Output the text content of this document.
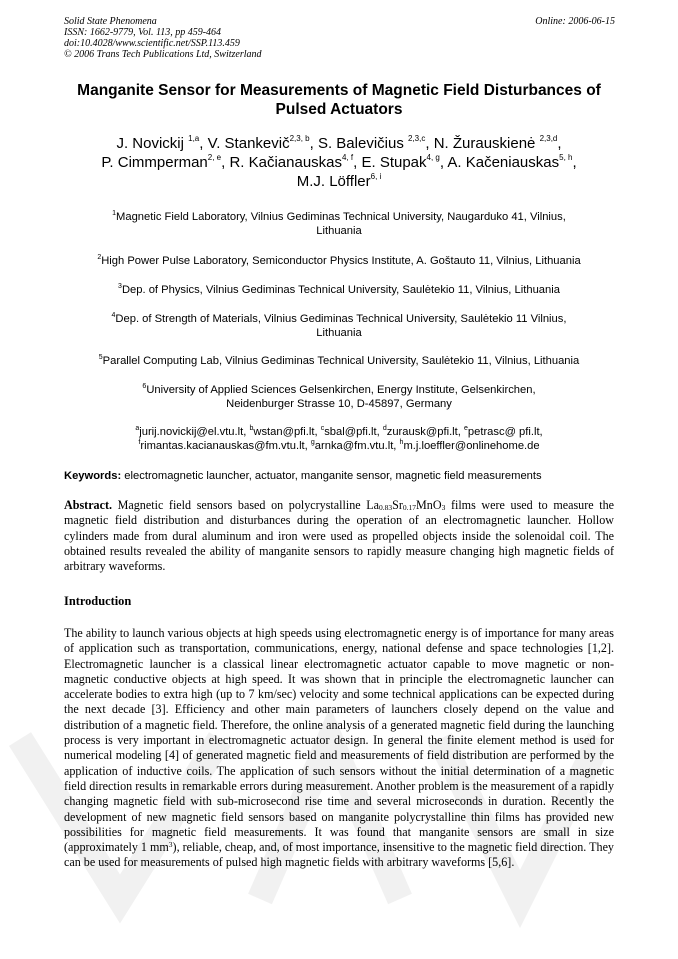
Solid State Phenomena
ISSN: 1662-9779, Vol. 113, pp 459-464
doi:10.4028/www.scientific.net/SSP.113.459
© 2006 Trans Tech Publications Ltd, Switzerland
Online: 2006-06-15
Manganite Sensor for Measurements of Magnetic Field Disturbances of
Pulsed Actuators
J. Novickij $^{1,a}$, V. Stankevič$^{2,3, b}$, S. Balevičius $^{2,3,c}$, N. Žurauskienė $^{2,3,d}$,
P. Cimmperman$^{2, e}$, R. Kačianauskas$^{4, f}$, E. Stupak$^{4, g}$, A. Kačeniauskas$^{5, h}$,
M.J. Löffler$^{6, i}$
$^1$Magnetic Field Laboratory, Vilnius Gediminas Technical University, Naugarduko 41, Vilnius,
Lithuania
$^2$High Power Pulse Laboratory, Semiconductor Physics Institute, A. Goštauto 11, Vilnius, Lithuania
$^3$Dep. of Physics, Vilnius Gediminas Technical University, Saulėtekio 11, Vilnius, Lithuania
$^4$Dep. of Strength of Materials, Vilnius Gediminas Technical University, Saulėtekio 11 Vilnius,
Lithuania
$^5$Parallel Computing Lab, Vilnius Gediminas Technical University, Saulėtekio 11, Vilnius, Lithuania
$^6$University of Applied Sciences Gelsenkirchen, Energy Institute, Gelsenkirchen,
Neidenburger Strasse 10, D-45897, Germany
$^a$jurij.novickij@el.vtu.lt, $^b$wstan@pfi.lt, $^c$sbal@pfi.lt, $^d$zurausk@pfi.lt, $^e$petrasc@ pfi.lt,
$^f$rimantas.kacianauskas@fm.vtu.lt, $^g$arnka@fm.vtu.lt, $^h$m.j.loeffler@onlinehome.de
Keywords: electromagnetic launcher, actuator, manganite sensor, magnetic field measurements
Abstract. Magnetic field sensors based on polycrystalline $La_{0.83}Sr_{0.17}MnO_3$ films were used to measure the magnetic field distribution and disturbances during the operation of an electromagnetic launcher. Hollow cylinders made from dural aluminum and iron were used as propelled objects inside the solenoidal coil. The obtained results revealed the ability of manganite sensors to rapidly measure changing high magnetic fields of arbitrary waveforms.
Introduction
The ability to launch various objects at high speeds using electromagnetic energy is of importance for many areas of application such as transportation, communications, energy, national defense and space technologies [1,2]. Electromagnetic launcher is a classical linear electromagnetic actuator capable to move magnetic or non-magnetic conductive objects at high speed. It was shown that in principle the electromagnetic launcher can accelerate bodies to extra high (up to 7 km/sec) velocity and some technical applications can be expected during the next decade [3]. Efficiency and other main parameters of launchers closely depend on the value and distribution of a magnetic field. Therefore, the online analysis of a generated magnetic field during the launching process is very important in electromagnetic actuator design. In general the finite element method is used for numerical modeling [4] of generated magnetic field and measurements of field distribution are performed by the application of inductive coils. The application of such sensors without the initial determination of a magnetic field direction results in remarkable errors during measurement. Another problem is the measurement of a rapidly changing magnetic field with sub-microsecond rise time and several microseconds in duration. Recently the development of new magnetic field sensors based on manganite polycrystalline thin films has provided new possibilities for magnetic field measurements. It was found that manganite sensors are small in size (approximately 1 $mm^3$), reliable, cheap, and, of most importance, insensitive to the magnetic field direction. They can be used for measurements of pulsed high magnetic fields with arbitrary waveforms [5,6].
